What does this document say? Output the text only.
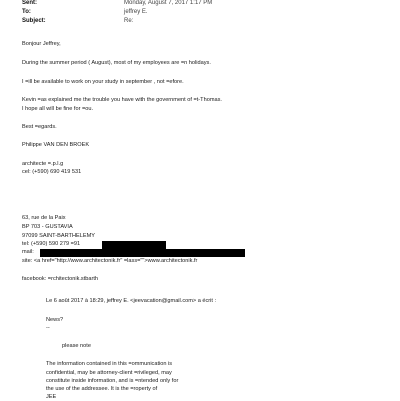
Sent:	Monday, August 7, 2017 1:17 PM
To:	jeffrey E.
Subject:	Re:
Bonjour Jeffrey,
During the summer period ( August), most of my employees are =n holidays.
I =ill be available to work on your study in september , not =efore.
Kevin =as explained me the trouble you have with the government of =t-Thomas.
I hope all will be fine for =ou.
Best =egards.
Philippe VAN DEN BROEK
architecte =.p.l.g
cel: (+590) 690 419 531
63, rue de la Paix
BP 703 - GUSTAVIA
97099 SAINT-BARTHELEMY
tel: (+590) 590 279 =91
mail:
site: <a href="http://www.architectonik.fr" =lass="">www.architectonik.fr
facebook: =rchitectonik.stbarth
Le 6 août 2017 à 18:29, jeffrey E. <jeevacation@gmail.com> a écrit :
News?
--
please note
The information contained in this =ommunication is
confidential, may be attorney-client =rivileged, may
constitute inside information, and is =ntended only for
the use of the addressee. It is the =roperty of
JEE
